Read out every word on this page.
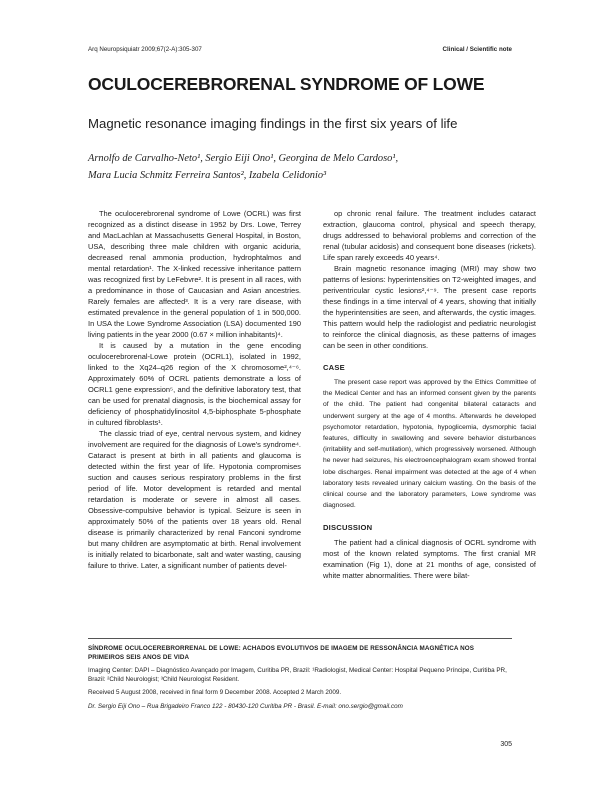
Arq Neuropsiquiatr 2009;67(2-A):305-307	Clinical / Scientific note
OCULOCEREBRORENAL SYNDROME OF LOWE
Magnetic resonance imaging findings in the first six years of life
Arnolfo de Carvalho-Neto¹, Sergio Eiji Ono¹, Georgina de Melo Cardoso¹,
Mara Lucia Schmitz Ferreira Santos², Izabela Celidonio³

The oculocerebrorenal syndrome of Lowe (OCRL) was first recognized as a distinct disease in 1952 by Drs. Lowe, Terrey and MacLachlan at Massachusetts General Hospital, in Boston, USA, describing three male children with organic aciduria, decreased renal ammonia production, hydrophtalmos and mental retardation¹. The X-linked recessive inheritance pattern was recognized first by LeFebvre². It is present in all races, with a predominance in those of Caucasian and Asian ancestries. Rarely females are affected³. It is a very rare disease, with estimated prevalence in the general population of 1 in 500,000. In USA the Lowe Syndrome Association (LSA) documented 190 living patients in the year 2000 (0.67 × million inhabitants)⁴.

It is caused by a mutation in the gene encoding oculocerebrorenal-Lowe protein (OCRL1), isolated in 1992, linked to the Xq24–q26 region of the X chromosome²,⁴⁻⁶. Approximately 60% of OCRL patients demonstrate a loss of OCRL1 gene expression⁵, and the definitive laboratory test, that can be used for prenatal diagnosis, is the biochemical assay for deficiency of phosphatidylinositol 4,5-biphosphate 5-phosphate in cultured fibroblasts¹.

The classic triad of eye, central nervous system, and kidney involvement are required for the diagnosis of Lowe's syndrome⁴. Cataract is present at birth in all patients and glaucoma is detected within the first year of life. Hypotonia compromises suction and causes serious respiratory problems in the first period of life. Motor development is retarded and mental retardation is moderate or severe in almost all cases. Obsessive-compulsive behavior is typical. Seizure is seen in approximately 50% of the patients over 18 years old. Renal disease is primarily characterized by renal Fanconi syndrome but many children are asymptomatic at birth. Renal involvement is initially related to bicarbonate, salt and water wasting, causing failure to thrive. Later, a significant number of patients devel-

op chronic renal failure. The treatment includes cataract extraction, glaucoma control, physical and speech therapy, drugs addressed to behavioral problems and correction of the renal (tubular acidosis) and consequent bone diseases (rickets). Life span rarely exceeds 40 years⁴.

Brain magnetic resonance imaging (MRI) may show two patterns of lesions: hyperintensities on T2-weighted images, and periventricular cystic lesions²,⁴⁻⁹. The present case reports these findings in a time interval of 4 years, showing that initially the hyperintensities are seen, and afterwards, the cystic images. This pattern would help the radiologist and pediatric neurologist to reinforce the clinical diagnosis, as these patterns of images can be seen in other conditions.

CASE

The present case report was approved by the Ethics Committee of the Medical Center and has an informed consent given by the parents of the child. The patient had congenital bilateral cataracts and underwent surgery at the age of 4 months. Afterwards he developed psychomotor retardation, hypotonia, hypoglicemia, dysmorphic facial features, difficulty in swallowing and severe behavior disturbances (irritability and self-mutilation), which progressively worsened. Although he never had seizures, his electroencephalogram exam showed frontal lobe discharges. Renal impairment was detected at the age of 4 when laboratory tests revealed urinary calcium wasting. On the basis of the clinical course and the laboratory parameters, Lowe syndrome was diagnosed.

DISCUSSION

The patient had a clinical diagnosis of OCRL syndrome with most of the known related symptoms. The first cranial MR examination (Fig 1), done at 21 months of age, consisted of white matter abnormalities. There were bilat-

SÍNDROME OCULOCEREBRORRENAL DE LOWE: ACHADOS EVOLUTIVOS DE IMAGEM DE RESSONÂNCIA MAGNÉTICA NOS PRIMEIROS SEIS ANOS DE VIDA

Imaging Center: DAPI – Diagnóstico Avançado por Imagem, Curitiba PR, Brazil: ¹Radiologist, Medical Center: Hospital Pequeno Príncipe, Curitiba PR, Brazil: ²Child Neurologist; ³Child Neurologist Resident.

Received 5 August 2008, received in final form 9 December 2008. Accepted 2 March 2009.

Dr. Sergio Eiji Ono – Rua Brigadeiro Franco 122 - 80430-120 Curitiba PR - Brasil. E-mail: ono.sergio@gmail.com

305
